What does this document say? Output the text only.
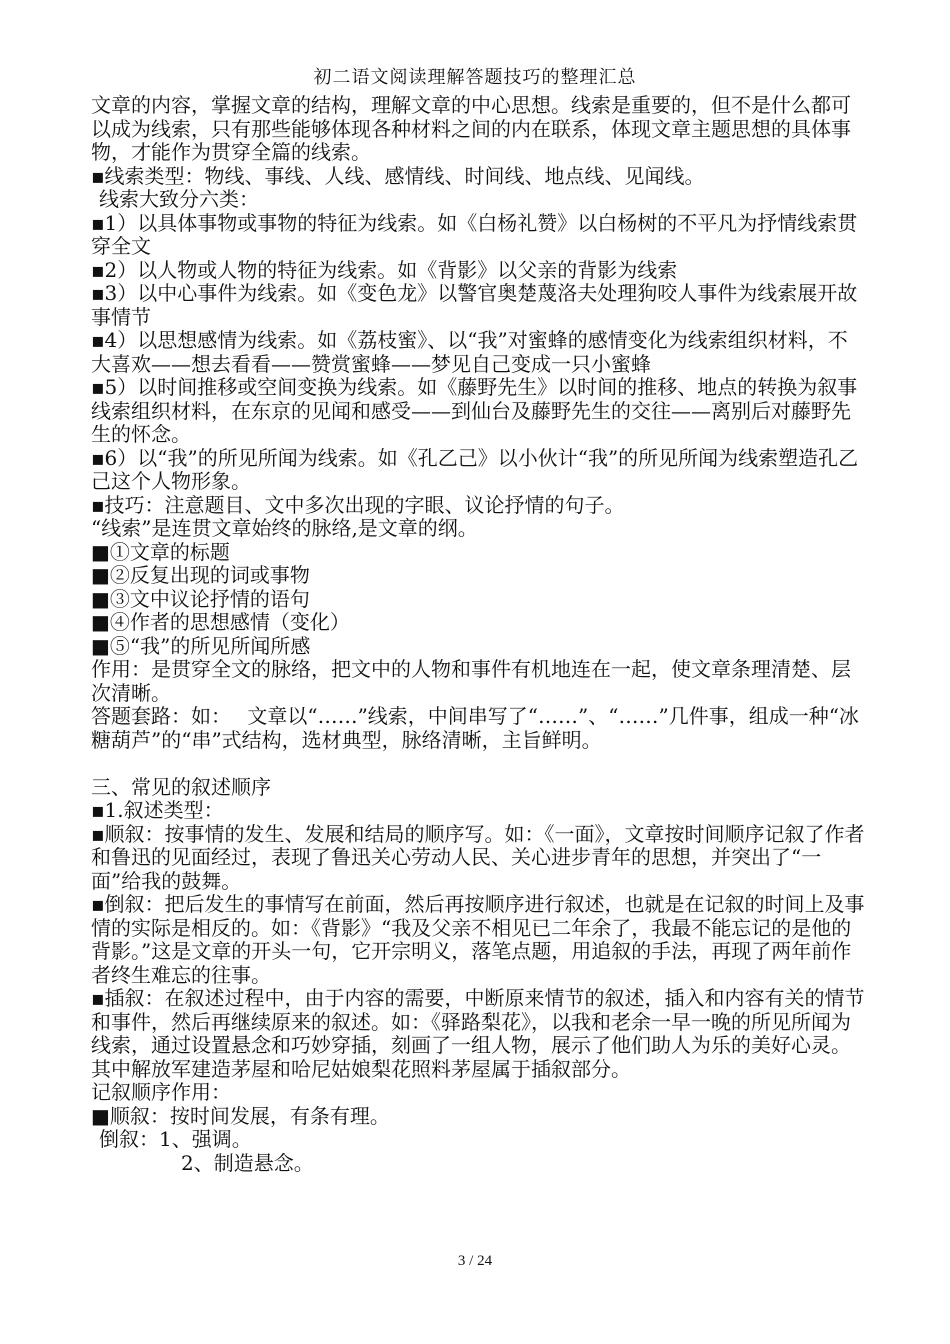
初二语文阅读理解答题技巧的整理汇总

文章的内容，掌握文章的结构，理解文章的中心思想。线索是重要的，但不是什么都可以成为线索，只有那些能够体现各种材料之间的内在联系，体现文章主题思想的具体事物，才能作为贯穿全篇的线索。

▪线索类型：物线、事线、人线、感情线、时间线、地点线、见闻线。

线索大致分六类：

▪1）以具体事物或事物的特征为线索。如《白杨礼赞》以白杨树的不平凡为抒情线索贯穿全文

▪2）以人物或人物的特征为线索。如《背影》以父亲的背影为线索

▪3）以中心事件为线索。如《变色龙》以警官奥楚蔑洛夫处理狗咬人事件为线索展开故事情节

▪4）以思想感情为线索。如《荔枝蜜》、以“我”对蜜蜂的感情变化为线索组织材料，不大喜欢——想去看看——赞赏蜜蜂——梦见自己变成一只小蜜蜂

▪5）以时间推移或空间变换为线索。如《藤野先生》以时间的推移、地点的转换为叙事线索组织材料，在东京的见闻和感受——到仙台及藤野先生的交往——离别后对藤野先生的怀念。

▪6）以“我”的所见所闻为线索。如《孔乙己》以小伙计“我”的所见所闻为线索塑造孔乙己这个人物形象。

▪技巧：注意题目、文中多次出现的字眼、议论抒情的句子。

“线索”是连贯文章始终的脉络,是文章的纲。

■①文章的标题

■②反复出现的词或事物

■③文中议论抒情的语句

■④作者的思想感情（变化）

■⑤“我”的所见所闻所感

作用：是贯穿全文的脉络，把文中的人物和事件有机地连在一起，使文章条理清楚、层次清晰。

答题套路：如：　 文章以“……”线索，中间串写了“……”、“……”几件事，组成一种“冰糖葫芦”的“串”式结构，选材典型，脉络清晰，主旨鲜明。

三、常见的叙述顺序

▪1.叙述类型：

▪顺叙：按事情的发生、发展和结局的顺序写。如：《一面》，文章按时间顺序记叙了作者和鲁迅的见面经过，表现了鲁迅关心劳动人民、关心进步青年的思想，并突出了“一面”给我的鼓舞。

▪倒叙：把后发生的事情写在前面，然后再按顺序进行叙述，也就是在记叙的时间上及事情的实际是相反的。如：《背影》“我及父亲不相见已二年余了，我最不能忘记的是他的背影。”这是文章的开头一句，它开宗明义，落笔点题，用追叙的手法，再现了两年前作者终生难忘的往事。

▪插叙：在叙述过程中，由于内容的需要，中断原来情节的叙述，插入和内容有关的情节和事件，然后再继续原来的叙述。如：《驿路梨花》，以我和老余一早一晚的所见所闻为线索，通过设置悬念和巧妙穿插，刻画了一组人物，展示了他们助人为乐的美好心灵。其中解放军建造茅屋和哈尼姑娘梨花照料茅屋属于插叙部分。

记叙顺序作用：

■顺叙：按时间发展，有条有理。

倒叙：1、强调。

2、制造悬念。

3 / 24
